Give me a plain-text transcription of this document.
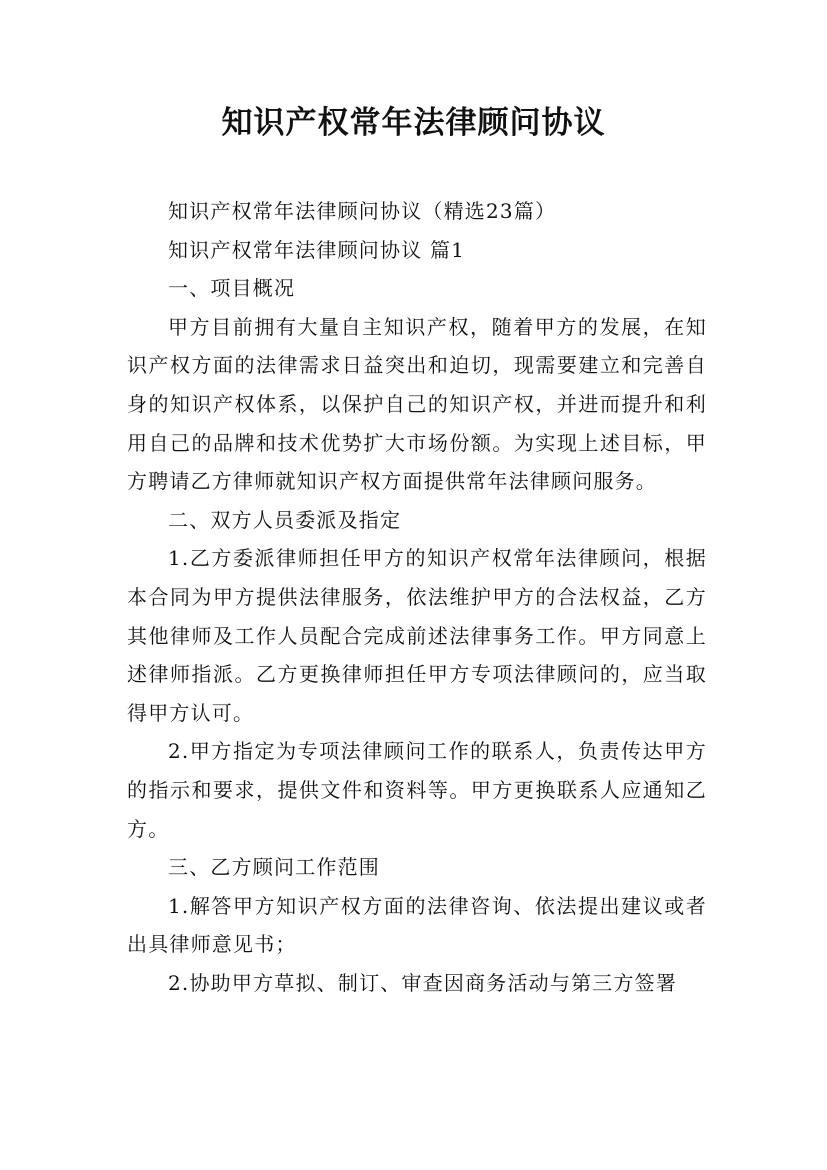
知识产权常年法律顾问协议

知识产权常年法律顾问协议（精选23篇）

知识产权常年法律顾问协议 篇1

一、项目概况

甲方目前拥有大量自主知识产权，随着甲方的发展，在知识产权方面的法律需求日益突出和迫切，现需要建立和完善自身的知识产权体系，以保护自己的知识产权，并进而提升和利用自己的品牌和技术优势扩大市场份额。为实现上述目标，甲方聘请乙方律师就知识产权方面提供常年法律顾问服务。

二、双方人员委派及指定

1.乙方委派律师担任甲方的知识产权常年法律顾问，根据本合同为甲方提供法律服务，依法维护甲方的合法权益，乙方其他律师及工作人员配合完成前述法律事务工作。甲方同意上述律师指派。乙方更换律师担任甲方专项法律顾问的，应当取得甲方认可。

2.甲方指定为专项法律顾问工作的联系人，负责传达甲方的指示和要求，提供文件和资料等。甲方更换联系人应通知乙方。

三、乙方顾问工作范围

1.解答甲方知识产权方面的法律咨询、依法提出建议或者出具律师意见书；

2.协助甲方草拟、制订、审查因商务活动与第三方签署
